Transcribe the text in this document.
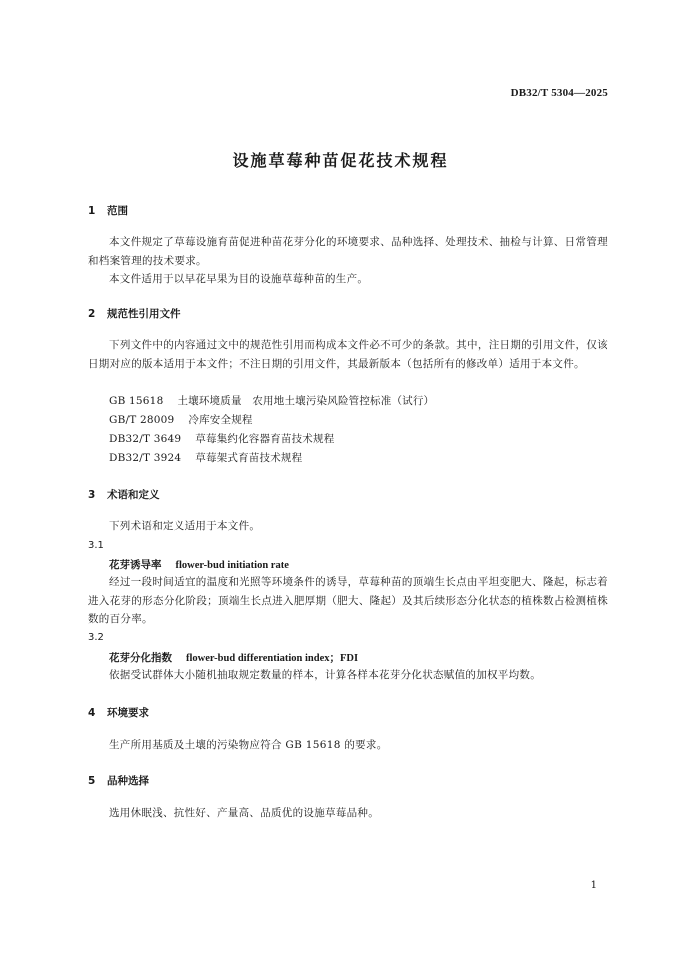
DB32/T 5304—2025
设施草莓种苗促花技术规程
1 范围
本文件规定了草莓设施育苗促进种苗花芽分化的环境要求、品种选择、处理技术、抽检与计算、日常管理和档案管理的技术要求。
本文件适用于以早花早果为目的设施草莓种苗的生产。
2 规范性引用文件
下列文件中的内容通过文中的规范性引用而构成本文件必不可少的条款。其中，注日期的引用文件，仅该日期对应的版本适用于本文件；不注日期的引用文件，其最新版本（包括所有的修改单）适用于本文件。
GB 15618 土壤环境质量　农用地土壤污染风险管控标准（试行）
GB/T 28009 冷库安全规程
DB32/T 3649 草莓集约化容器育苗技术规程
DB32/T 3924 草莓架式育苗技术规程
3 术语和定义
下列术语和定义适用于本文件。
3.1
花芽诱导率 flower-bud initiation rate
经过一段时间适宜的温度和光照等环境条件的诱导，草莓种苗的顶端生长点由平坦变肥大、隆起，标志着进入花芽的形态分化阶段；顶端生长点进入肥厚期（肥大、隆起）及其后续形态分化状态的植株数占检测植株数的百分率。
3.2
花芽分化指数 flower-bud differentiation index；FDI
依据受试群体大小随机抽取规定数量的样本，计算各样本花芽分化状态赋值的加权平均数。
4 环境要求
生产所用基质及土壤的污染物应符合 GB 15618 的要求。
5 品种选择
选用休眠浅、抗性好、产量高、品质优的设施草莓品种。
1
